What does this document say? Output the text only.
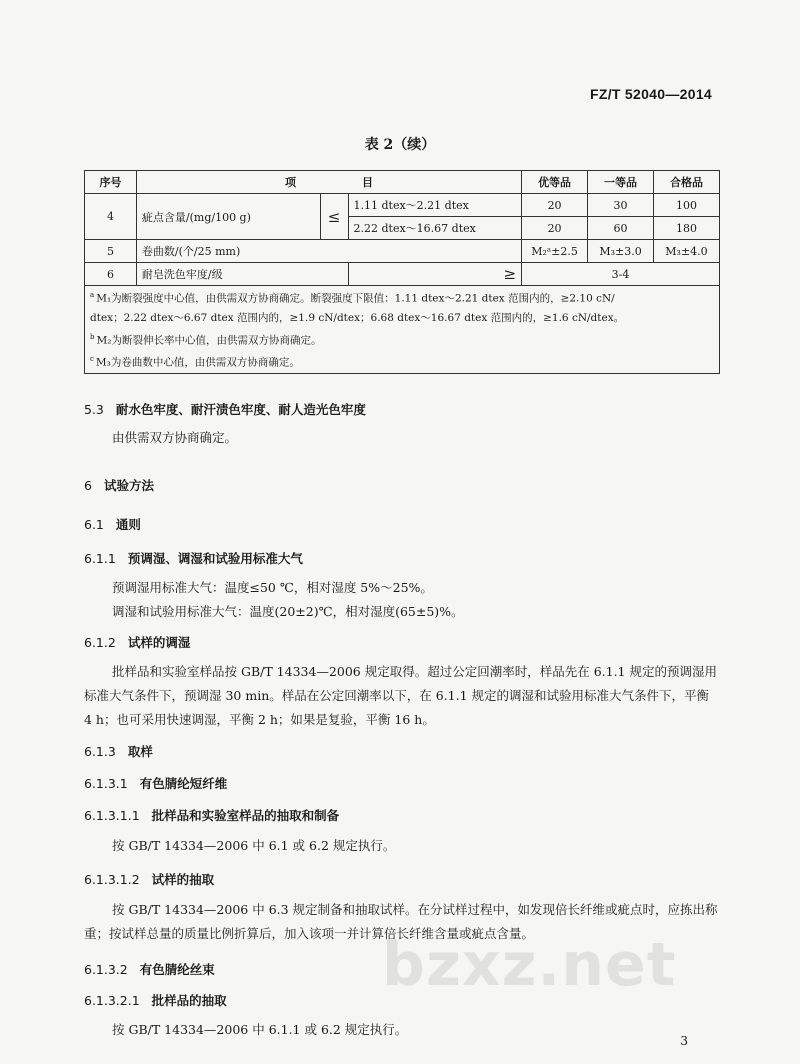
FZ/T 52040—2014
表 2（续）
序号	项　　　　　　目			优等品	一等品	合格品
4	疵点含量/(mg/100 g)	≤	1.11 dtex～2.21 dtex	20	30	100
			2.22 dtex～16.67 dtex	20	60	180
5	卷曲数/(个/25 mm)			M₂ᵃ±2.5	M₃±3.0	M₃±4.0
6	耐皂洗色牢度/级		≥	3-4		

$^a$ M₁为断裂强度中心值，由供需双方协商确定。断裂强度下限值：1.11 dtex～2.21 dtex 范围内的，≥2.10 cN/
dtex；2.22 dtex～6.67 dtex 范围内的，≥1.9 cN/dtex；6.68 dtex～16.67 dtex 范围内的，≥1.6 cN/dtex。
$^b$ M₂为断裂伸长率中心值，由供需双方协商确定。
$^c$ M₃为卷曲数中心值，由供需双方协商确定。						
5.3 耐水色牢度、耐汗渍色牢度、耐人造光色牢度
由供需双方协商确定。
6 试验方法
6.1 通则
6.1.1 预调湿、调湿和试验用标准大气
预调湿用标准大气：温度≤50 ℃，相对湿度 5%～25%。
调湿和试验用标准大气：温度(20±2)℃，相对湿度(65±5)%。
6.1.2 试样的调湿
批样品和实验室样品按 GB/T 14334—2006 规定取得。超过公定回潮率时，样品先在 6.1.1 规定的预调湿用标准大气条件下，预调湿 30 min。样品在公定回潮率以下，在 6.1.1 规定的调湿和试验用标准大气条件下，平衡 4 h；也可采用快速调湿，平衡 2 h；如果是复验，平衡 16 h。
6.1.3 取样
6.1.3.1 有色腈纶短纤维
6.1.3.1.1 批样品和实验室样品的抽取和制备
按 GB/T 14334—2006 中 6.1 或 6.2 规定执行。
6.1.3.1.2 试样的抽取
按 GB/T 14334—2006 中 6.3 规定制备和抽取试样。在分试样过程中，如发现倍长纤维或疵点时，应拣出称重；按试样总量的质量比例折算后，加入该项一并计算倍长纤维含量或疵点含量。
6.1.3.2 有色腈纶丝束
6.1.3.2.1 批样品的抽取
按 GB/T 14334—2006 中 6.1.1 或 6.2 规定执行。
bzxz.net
3
